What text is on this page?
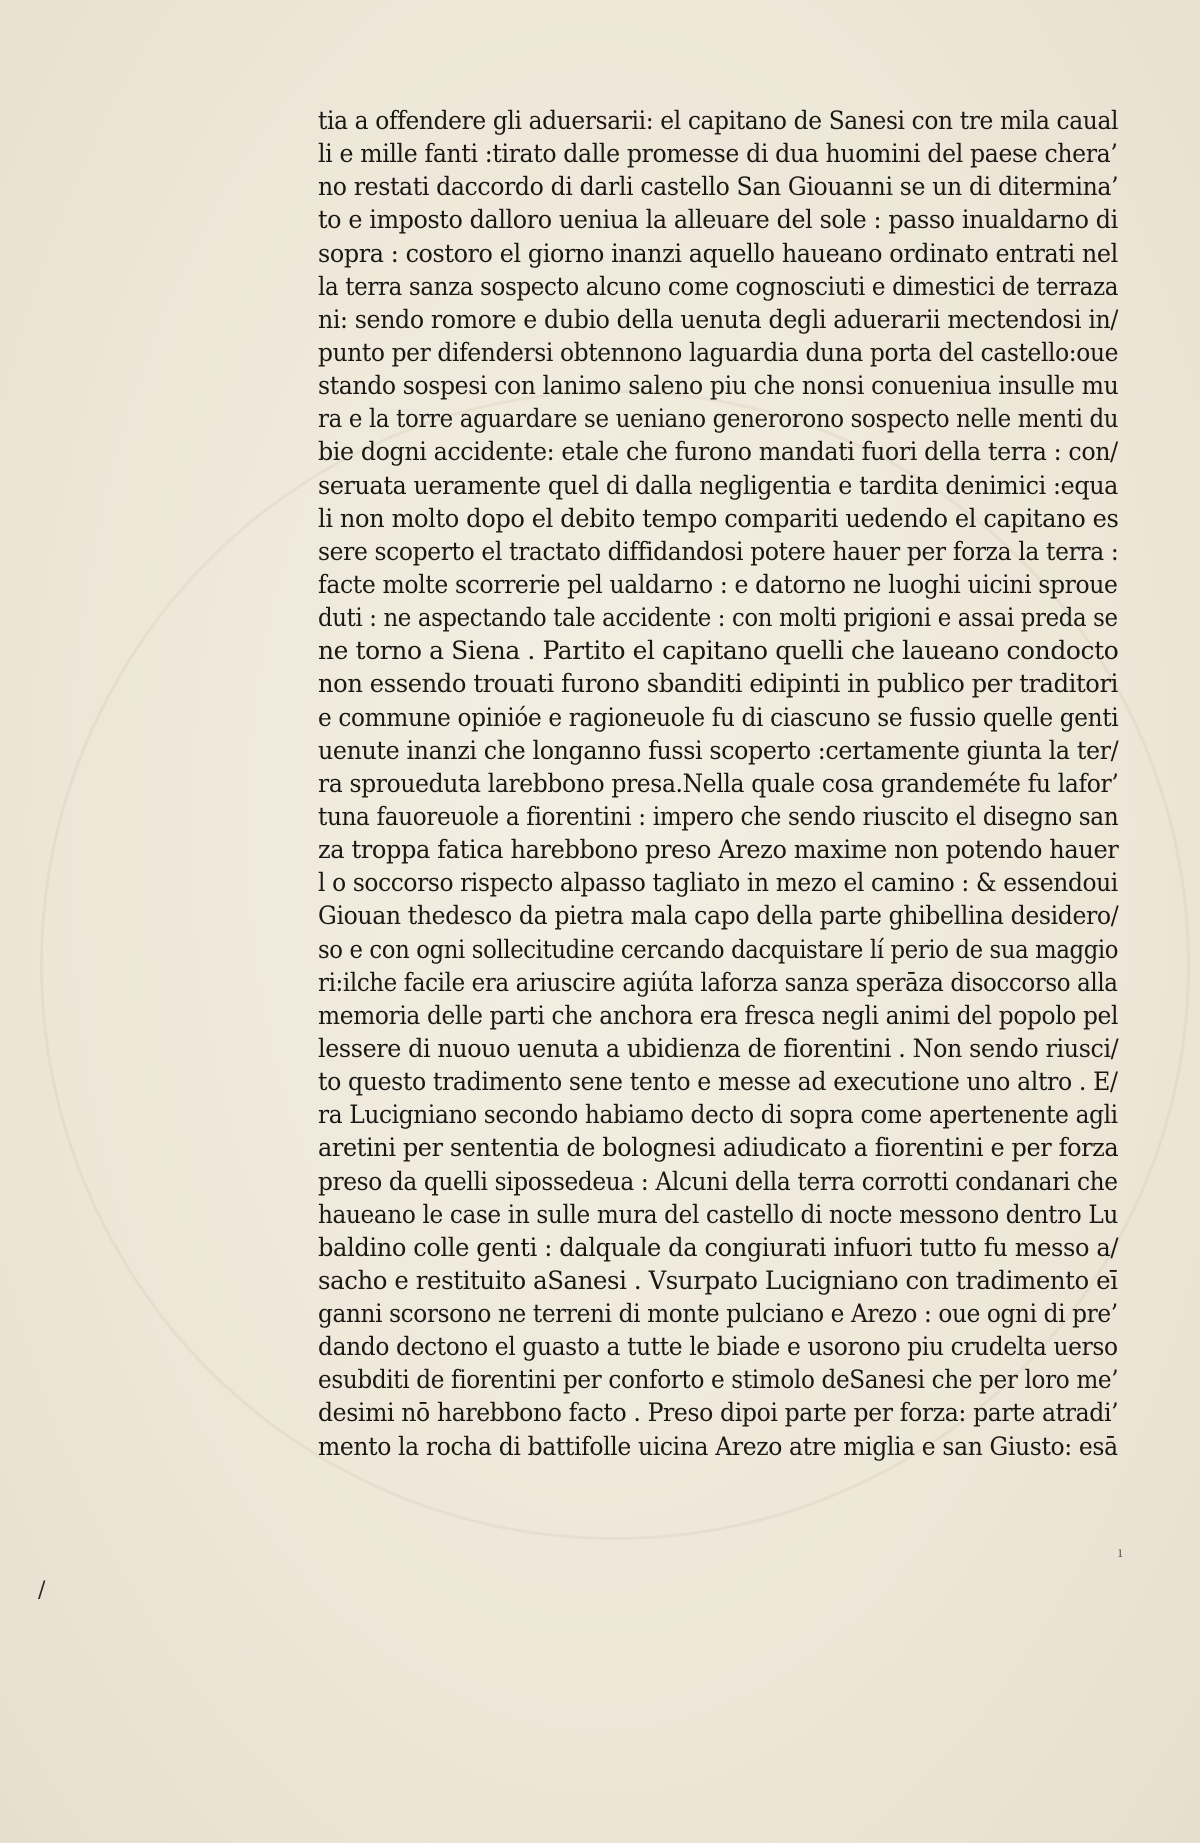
tia a offendere gli aduersarii: el capitano de Sanesi con tre mila caual
li e mille fanti :tirato dalle promesse di dua huomini del paese chera’
no restati daccordo di darli castello San Giouanni se un di ditermina’
to e imposto dalloro ueniua la alleuare del sole : passo inualdarno di
sopra : costoro el giorno inanzi aquello haueano ordinato entrati nel
la terra sanza sospecto alcuno come cognosciuti e dimestici de terraza
ni: sendo romore e dubio della uenuta degli aduerarii mectendosi in/
punto per difendersi obtennono laguardia duna porta del castello:oue
stando sospesi con lanimo saleno piu che nonsi conueniua insulle mu
ra e la torre aguardare se ueniano generorono sospecto nelle menti du
bie dogni accidente: etale che furono mandati fuori della terra : con/
seruata ueramente quel di dalla negligentia e tardita denimici :equa
li non molto dopo el debito tempo compariti uedendo el capitano es
sere scoperto el tractato diffidandosi potere hauer per forza la terra :
facte molte scorrerie pel ualdarno : e datorno ne luoghi uicini sproue
duti : ne aspectando tale accidente : con molti prigioni e assai preda se
ne torno a Siena . Partito el capitano quelli che laueano condocto
non essendo trouati furono sbanditi edipinti in publico per traditori
e commune opinióe e ragioneuole fu di ciascuno se fussio quelle genti
uenute inanzi che longanno fussi scoperto :certamente giunta la ter/
ra sproueduta larebbono presa.Nella quale cosa grandeméte fu lafor’
tuna fauoreuole a fiorentini : impero che sendo riuscito el disegno san
za troppa fatica harebbono preso Arezo maxime non potendo hauer
l o soccorso rispecto alpasso tagliato in mezo el camino : & essendoui
Giouan thedesco da pietra mala capo della parte ghibellina desidero/
so e con ogni sollecitudine cercando dacquistare lí perio de sua maggio
ri:ilche facile era ariuscire agiúta laforza sanza sperāza disoccorso alla
memoria delle parti che anchora era fresca negli animi del popolo pel
lessere di nuouo uenuta a ubidienza de fiorentini . Non sendo riusci/
to questo tradimento sene tento e messe ad executione uno altro . E/
ra Lucigniano secondo habiamo decto di sopra come apertenente agli
aretini per sententia de bolognesi adiudicato a fiorentini e per forza
preso da quelli sipossedeua : Alcuni della terra corrotti condanari che
haueano le case in sulle mura del castello di nocte messono dentro Lu
baldino colle genti : dalquale da congiurati infuori tutto fu messo a/
sacho e restituito aSanesi . Vsurpato Lucigniano con tradimento eī
ganni scorsono ne terreni di monte pulciano e Arezo : oue ogni di pre’
dando dectono el guasto a tutte le biade e usorono piu crudelta uerso
esubditi de fiorentini per conforto e stimolo deSanesi che per loro me’
desimi nō harebbono facto . Preso dipoi parte per forza: parte atradi’
mento la rocha di battifolle uicina Arezo atre miglia e san Giusto: esā
/
ı
